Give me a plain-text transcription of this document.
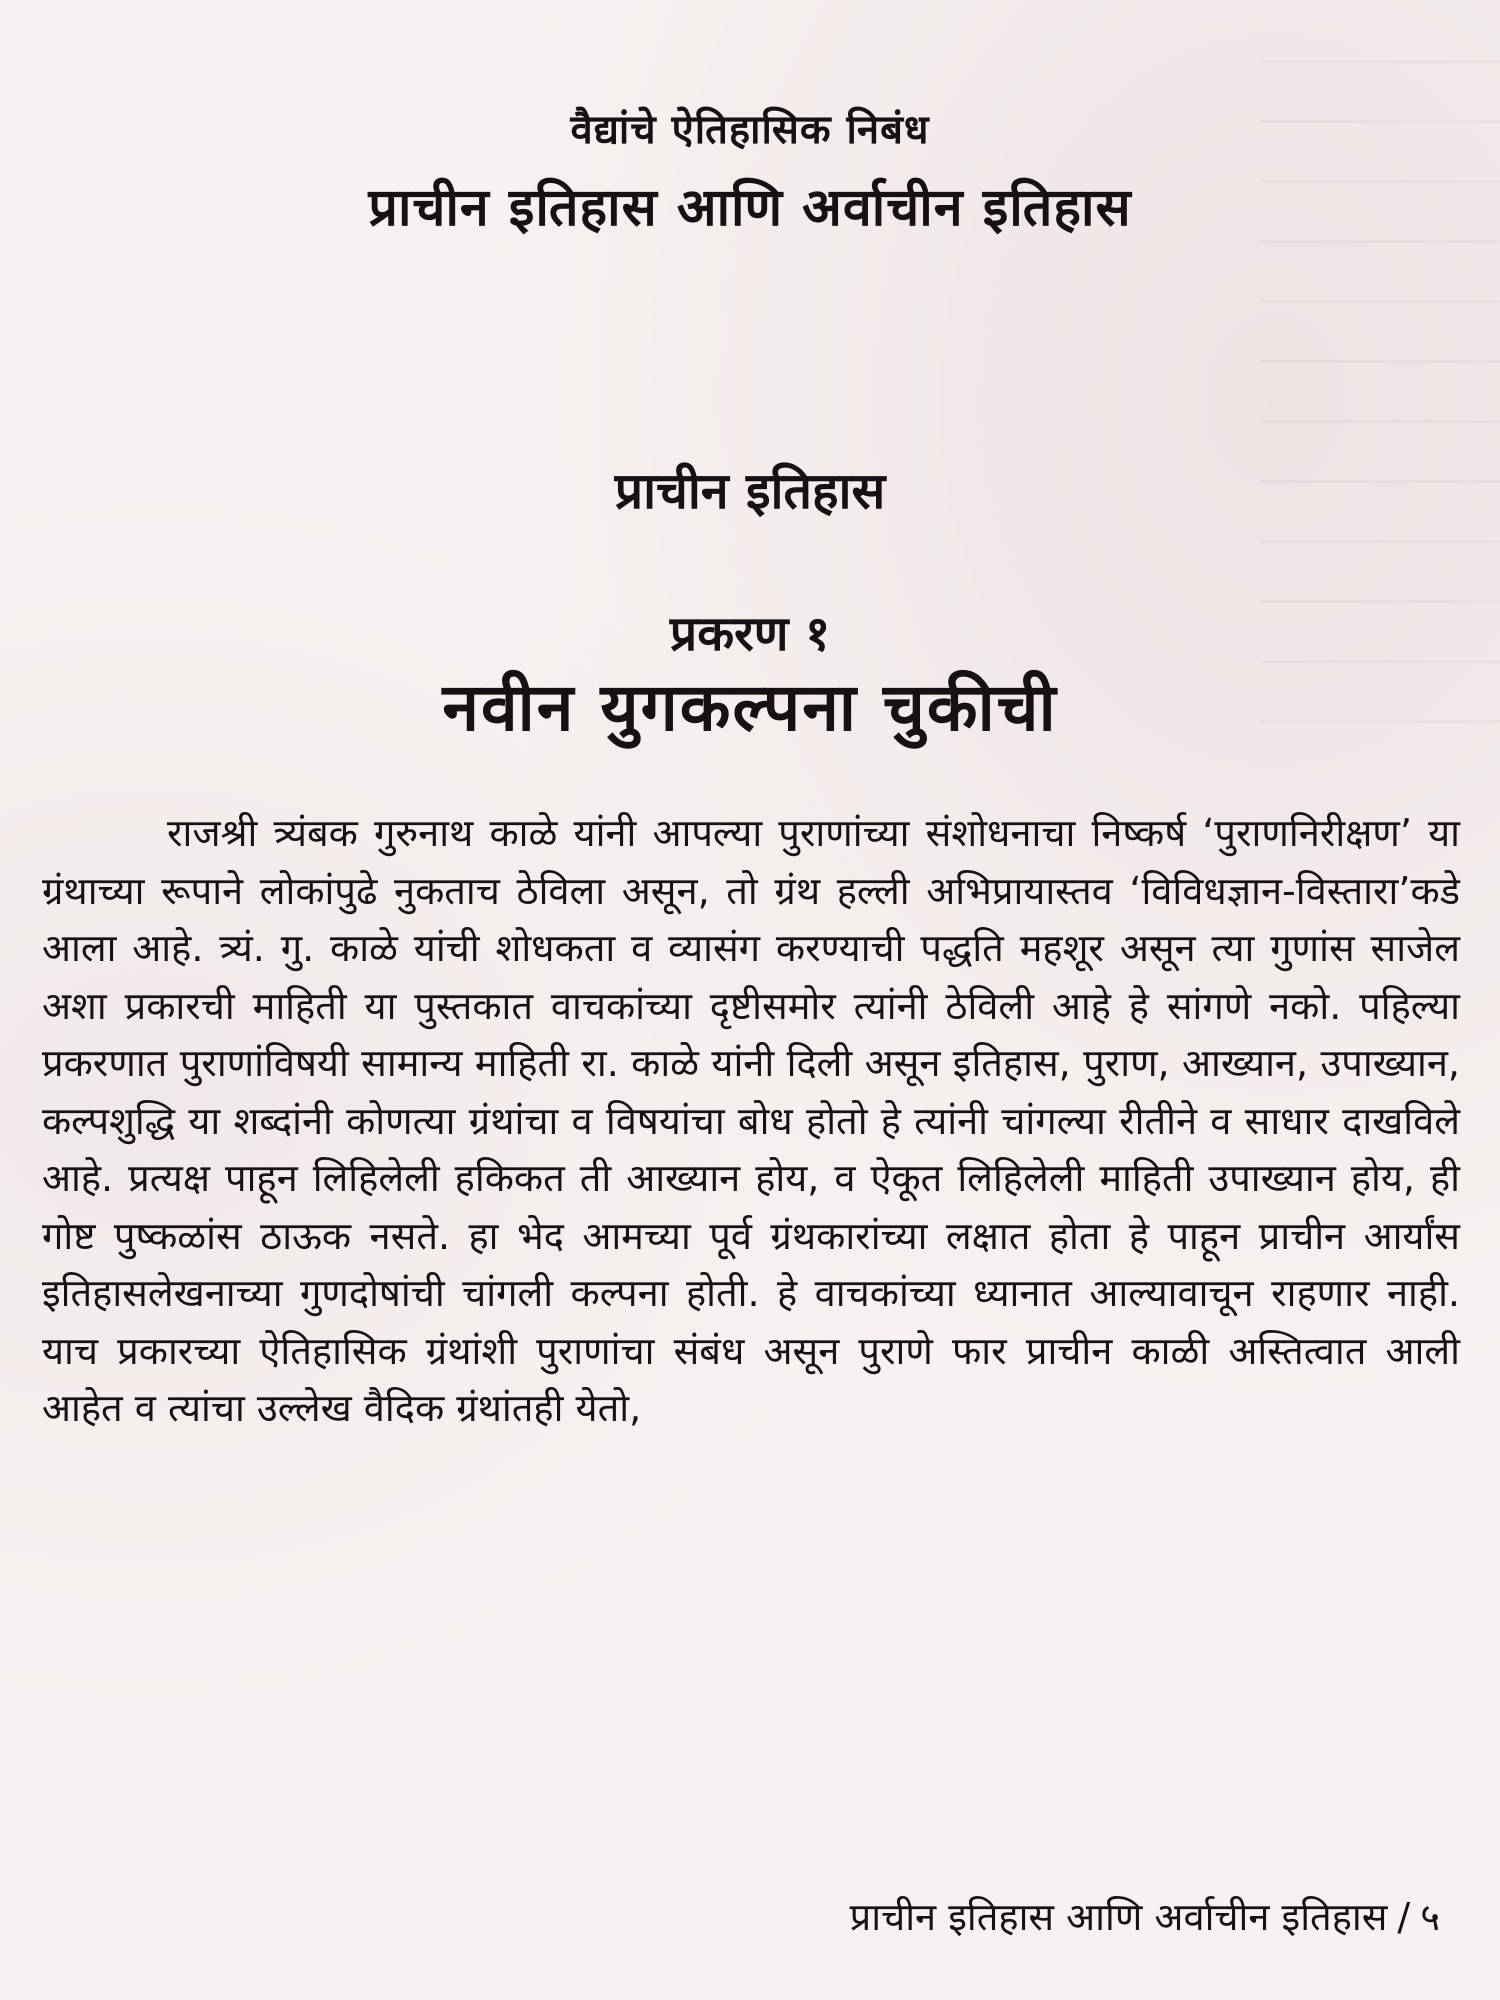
वैद्यांचे ऐतिहासिक निबंध
प्राचीन इतिहास आणि अर्वाचीन इतिहास
प्राचीन इतिहास
प्रकरण १
नवीन युगकल्पना चुकीची

राजश्री त्र्यंबक गुरुनाथ काळे यांनी आपल्या पुराणांच्या संशोधनाचा निष्कर्ष ‘पुराणनिरीक्षण’ या ग्रंथाच्या रूपाने लोकांपुढे नुकताच ठेविला असून, तो ग्रंथ हल्ली अभिप्रायास्तव ‘विविधज्ञान-विस्तारा’कडे आला आहे. त्र्यं. गु. काळे यांची शोधकता व व्यासंग करण्याची पद्धति महशूर असून त्या गुणांस साजेल अशा प्रकारची माहिती या पुस्तकात वाचकांच्या दृष्टीसमोर त्यांनी ठेविली आहे हे सांगणे नको. पहिल्या प्रकरणात पुराणांविषयी सामान्य माहिती रा. काळे यांनी दिली असून इतिहास, पुराण, आख्यान, उपाख्यान, कल्पशुद्धि या शब्दांनी कोणत्या ग्रंथांचा व विषयांचा बोध होतो हे त्यांनी चांगल्या रीतीने व साधार दाखविले आहे. प्रत्यक्ष पाहून लिहिलेली हकिकत ती आख्यान होय, व ऐकूत लिहिलेली माहिती उपाख्यान होय, ही गोष्ट पुष्कळांस ठाऊक नसते. हा भेद आमच्या पूर्व ग्रंथकारांच्या लक्षात होता हे पाहून प्राचीन आर्यांस इतिहासलेखनाच्या गुणदोषांची चांगली कल्पना होती. हे वाचकांच्या ध्यानात आल्यावाचून राहणार नाही. याच प्रकारच्या ऐतिहासिक ग्रंथांशी पुराणांचा संबंध असून पुराणे फार प्राचीन काळी अस्तित्वात आली आहेत व त्यांचा उल्लेख वैदिक ग्रंथांतही येतो,

प्राचीन इतिहास आणि अर्वाचीन इतिहास / ५
